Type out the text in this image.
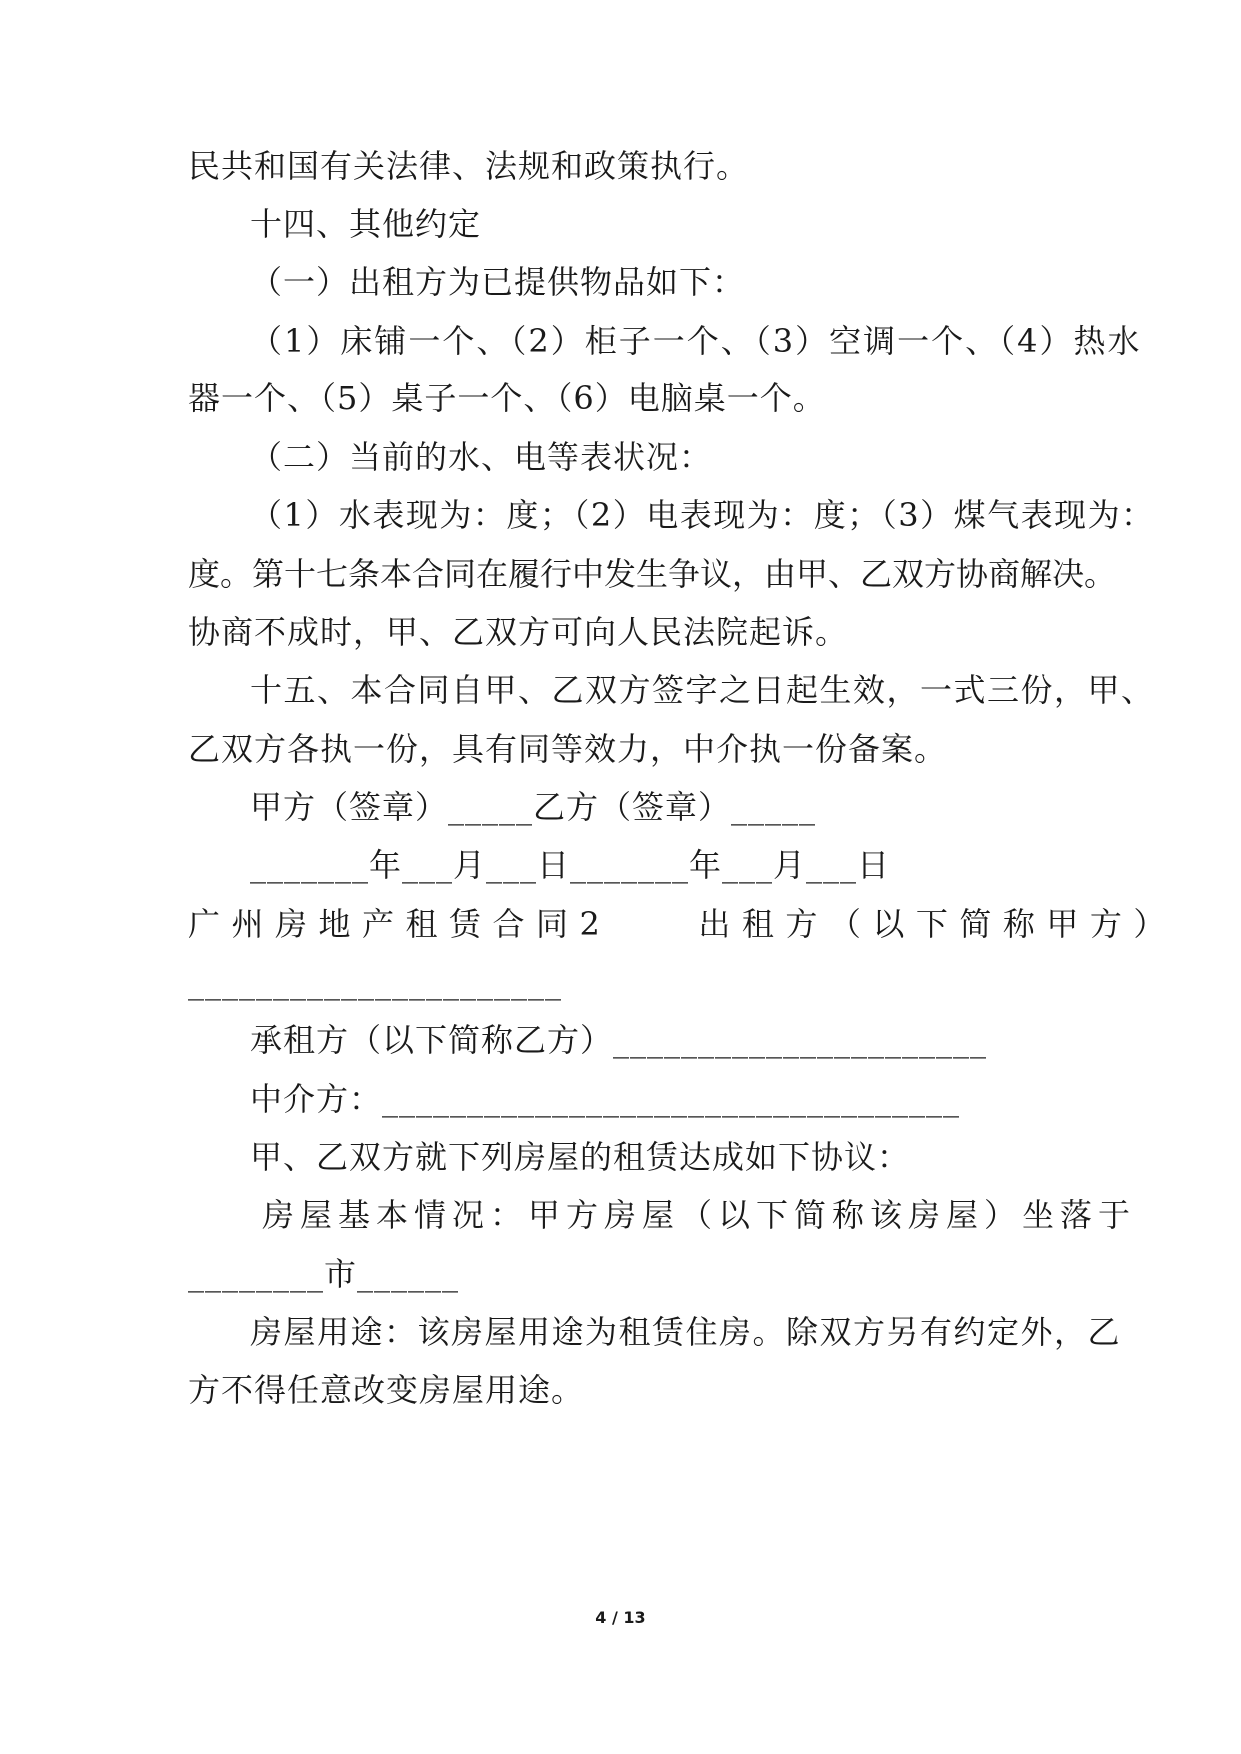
民共和国有关法律、法规和政策执行。
十四、其他约定
（一）出租方为已提供物品如下：
（1）床铺一个、（2）柜子一个、（3）空调一个、（4）热水
器一个、（5）桌子一个、（6）电脑桌一个。
（二）当前的水、电等表状况：
（1）水表现为：度；（2）电表现为：度；（3）煤气表现为：
度。第十七条本合同在履行中发生争议，由甲、乙双方协商解决。
协商不成时，甲、乙双方可向人民法院起诉。
十五、本合同自甲、乙双方签字之日起生效，一式三份，甲、
乙双方各执一份，具有同等效力，中介执一份备案。
甲方（签章）_____乙方（签章）_____
_______年___月___日_______年___月___日
广州房地产租赁合同2　　出租方（以下简称甲方）
______________________
承租方（以下简称乙方）______________________
中介方：__________________________________
甲、乙双方就下列房屋的租赁达成如下协议：
房屋基本情况：甲方房屋（以下简称该房屋）坐落于
________市______
房屋用途：该房屋用途为租赁住房。除双方另有约定外，乙
方不得任意改变房屋用途。
4 / 13
